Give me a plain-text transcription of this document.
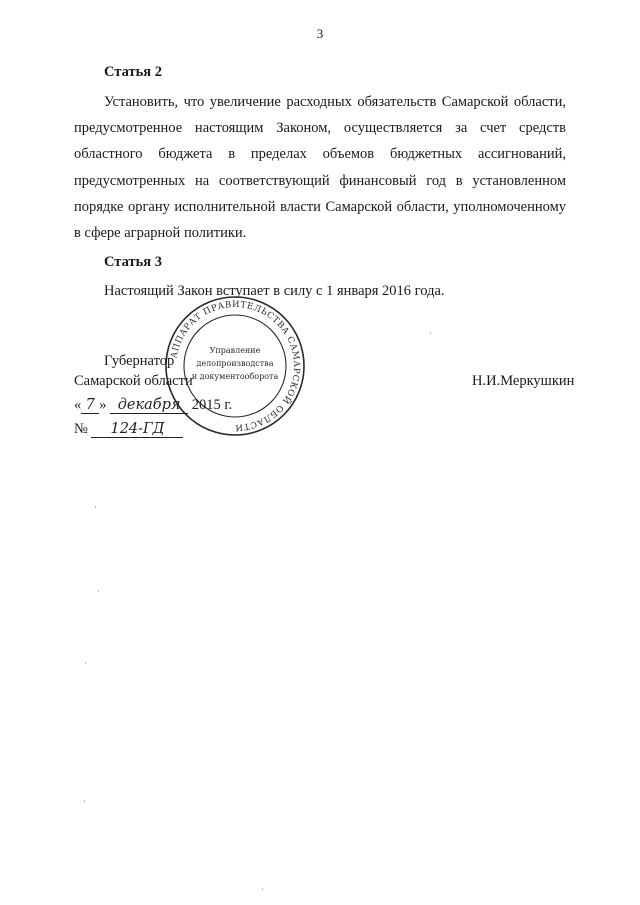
3
Статья 2

Установить, что увеличение расходных обязательств Самарской области, предусмотренное настоящим Законом, осуществляется за счет средств областного бюджета в пределах объемов бюджетных ассигнований, предусмотренных на соответствующий финансовый год в установленном порядке органу исполнительной власти Самарской области, уполномоченному в сфере аграрной политики.

Статья 3

Настоящий Закон вступает в силу с 1 января 2016 года.

АППАРАТ ПРАВИТЕЛЬСТВА САМАРСКОЙ ОБЛАСТИ
Управление
делопроизводства
и документооборота
Губернатор
Самарской области	Н.И.Меркушкин
« 7 » декабря 2015 г.
№ 124-ГД
